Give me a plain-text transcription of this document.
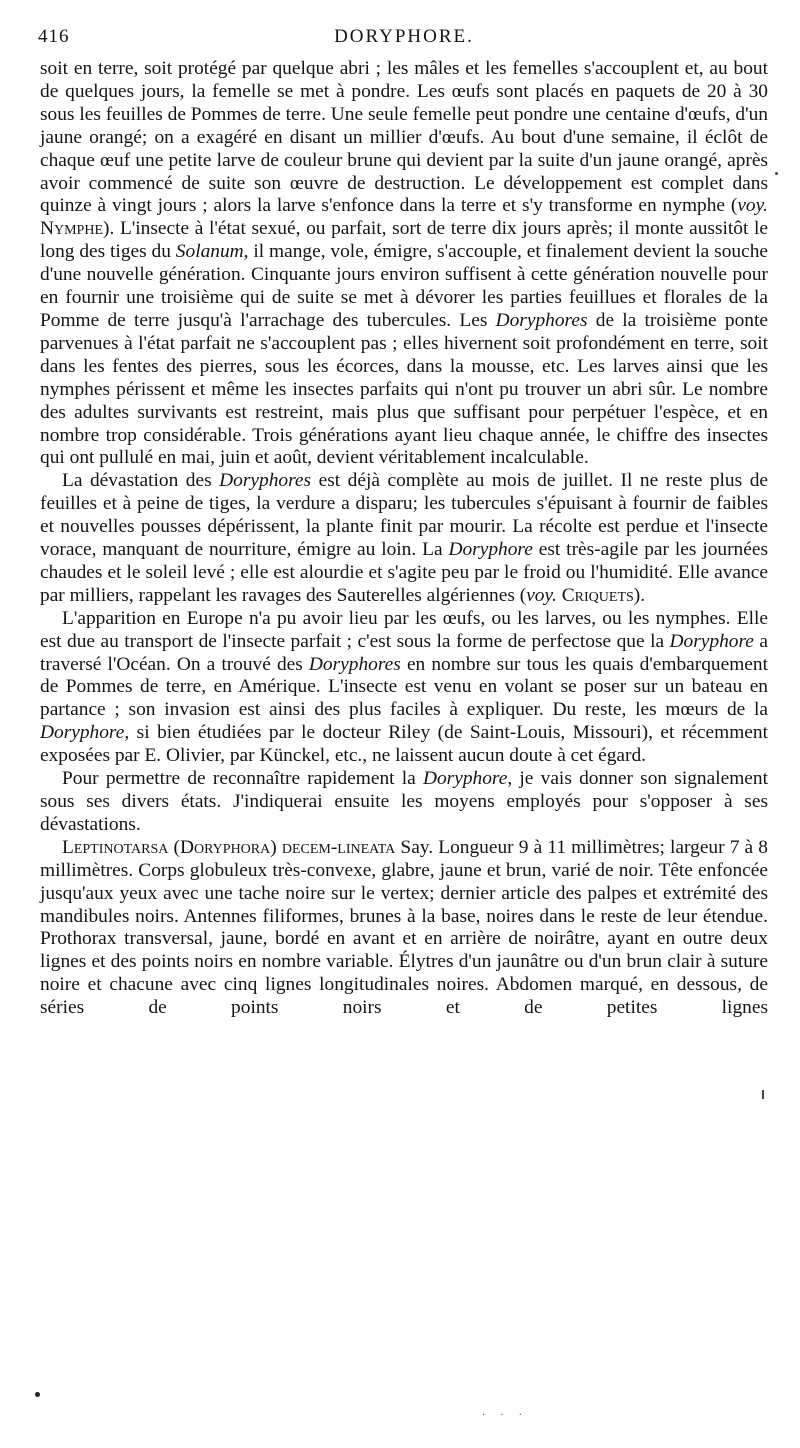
416	DORYPHORE.

soit en terre, soit protégé par quelque abri ; les mâles et les femelles s'accouplent et, au bout de quelques jours, la femelle se met à pondre. Les œufs sont placés en paquets de 20 à 30 sous les feuilles de Pommes de terre. Une seule femelle peut pondre une centaine d'œufs, d'un jaune orangé; on a exagéré en disant un millier d'œufs. Au bout d'une semaine, il éclôt de chaque œuf une petite larve de couleur brune qui devient par la suite d'un jaune orangé, après avoir commencé de suite son œuvre de destruction. Le développement est complet dans quinze à vingt jours ; alors la larve s'enfonce dans la terre et s'y transforme en nymphe (voy. Nymphe). L'insecte à l'état sexué, ou parfait, sort de terre dix jours après; il monte aussitôt le long des tiges du Solanum, il mange, vole, émigre, s'accouple, et finalement devient la souche d'une nouvelle génération. Cinquante jours environ suffisent à cette génération nouvelle pour en fournir une troisième qui de suite se met à dévorer les parties feuillues et florales de la Pomme de terre jusqu'à l'arrachage des tubercules. Les Doryphores de la troisième ponte parvenues à l'état parfait ne s'accouplent pas ; elles hivernent soit profondément en terre, soit dans les fentes des pierres, sous les écorces, dans la mousse, etc. Les larves ainsi que les nymphes périssent et même les insectes parfaits qui n'ont pu trouver un abri sûr. Le nombre des adultes survivants est restreint, mais plus que suffisant pour perpétuer l'espèce, et en nombre trop considérable. Trois générations ayant lieu chaque année, le chiffre des insectes qui ont pullulé en mai, juin et août, devient véritablement incalculable.

La dévastation des Doryphores est déjà complète au mois de juillet. Il ne reste plus de feuilles et à peine de tiges, la verdure a disparu; les tubercules s'épuisant à fournir de faibles et nouvelles pousses dépérissent, la plante finit par mourir. La récolte est perdue et l'insecte vorace, manquant de nourriture, émigre au loin. La Doryphore est très-agile par les journées chaudes et le soleil levé ; elle est alourdie et s'agite peu par le froid ou l'humidité. Elle avance par milliers, rappelant les ravages des Sauterelles algériennes (voy. Criquets).

L'apparition en Europe n'a pu avoir lieu par les œufs, ou les larves, ou les nymphes. Elle est due au transport de l'insecte parfait ; c'est sous la forme de perfectose que la Doryphore a traversé l'Océan. On a trouvé des Doryphores en nombre sur tous les quais d'embarquement de Pommes de terre, en Amérique. L'insecte est venu en volant se poser sur un bateau en partance ; son invasion est ainsi des plus faciles à expliquer. Du reste, les mœurs de la Doryphore, si bien étudiées par le docteur Riley (de Saint-Louis, Missouri), et récemment exposées par E. Olivier, par Künckel, etc., ne laissent aucun doute à cet égard.

Pour permettre de reconnaître rapidement la Doryphore, je vais donner son signalement sous ses divers états. J'indiquerai ensuite les moyens employés pour s'opposer à ses dévastations.

Leptinotarsa (Doryphora) decem-lineata Say. Longueur 9 à 11 millimètres; largeur 7 à 8 millimètres. Corps globuleux très-convexe, glabre, jaune et brun, varié de noir. Tête enfoncée jusqu'aux yeux avec une tache noire sur le vertex; dernier article des palpes et extrémité des mandibules noirs. Antennes filiformes, brunes à la base, noires dans le reste de leur étendue. Prothorax transversal, jaune, bordé en avant et en arrière de noirâtre, ayant en outre deux lignes et des points noirs en nombre variable. Élytres d'un jaunâtre ou d'un brun clair à suture noire et chacune avec cinq lignes longitudinales noires. Abdomen marqué, en dessous, de séries de points noirs et de petites lignes

· · ·
